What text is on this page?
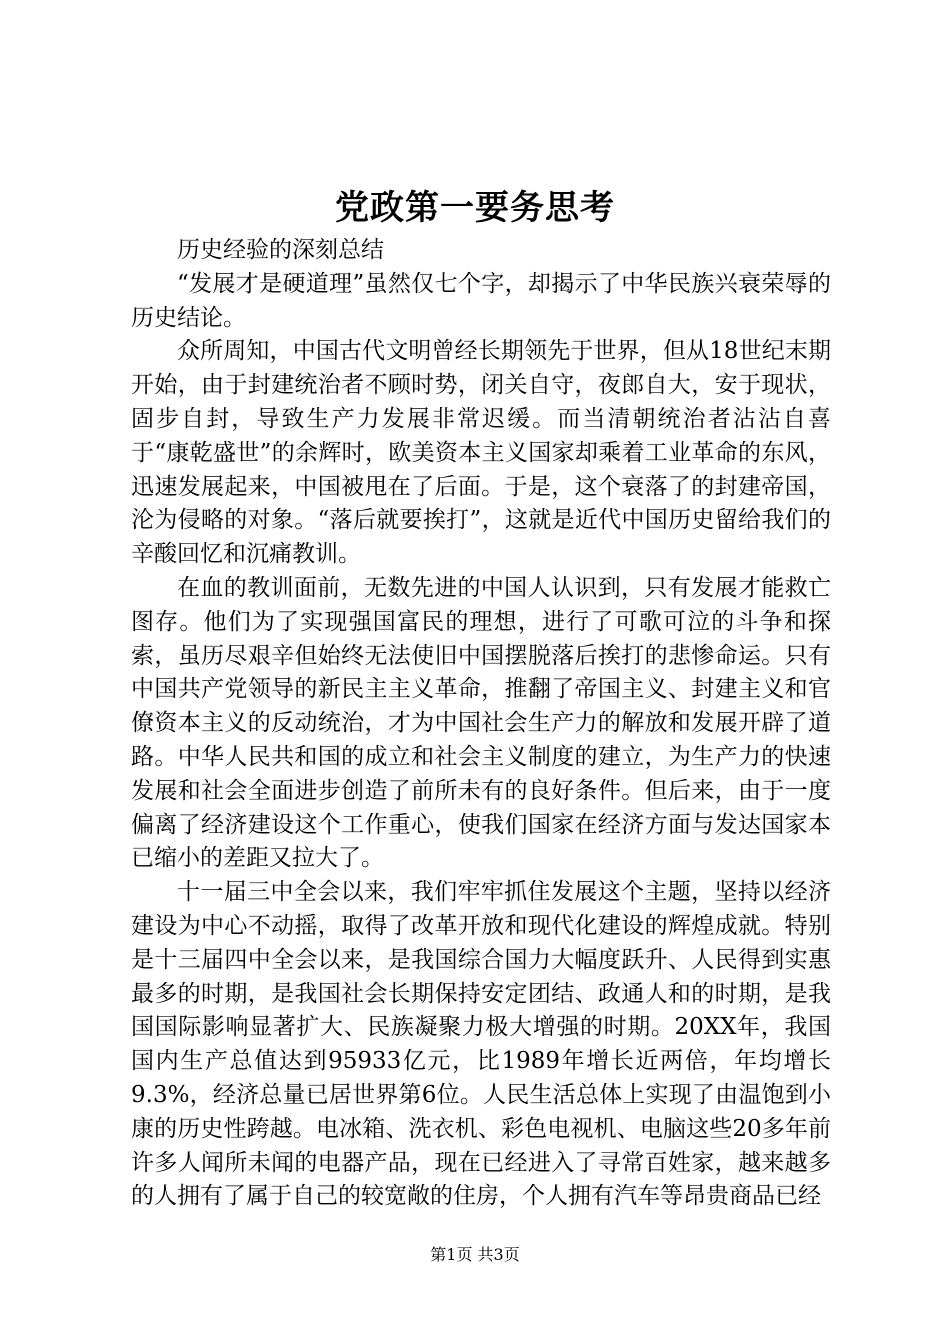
党政第一要务思考

历史经验的深刻总结

“发展才是硬道理”虽然仅七个字，却揭示了中华民族兴衰荣辱的历史结论。

众所周知，中国古代文明曾经长期领先于世界，但从18世纪末期开始，由于封建统治者不顾时势，闭关自守，夜郎自大，安于现状，固步自封，导致生产力发展非常迟缓。而当清朝统治者沾沾自喜于“康乾盛世”的余辉时，欧美资本主义国家却乘着工业革命的东风，迅速发展起来，中国被甩在了后面。于是，这个衰落了的封建帝国，沦为侵略的对象。“落后就要挨打”，这就是近代中国历史留给我们的辛酸回忆和沉痛教训。

在血的教训面前，无数先进的中国人认识到，只有发展才能救亡图存。他们为了实现强国富民的理想，进行了可歌可泣的斗争和探索，虽历尽艰辛但始终无法使旧中国摆脱落后挨打的悲惨命运。只有中国共产党领导的新民主主义革命，推翻了帝国主义、封建主义和官僚资本主义的反动统治，才为中国社会生产力的解放和发展开辟了道路。中华人民共和国的成立和社会主义制度的建立，为生产力的快速发展和社会全面进步创造了前所未有的良好条件。但后来，由于一度偏离了经济建设这个工作重心，使我们国家在经济方面与发达国家本已缩小的差距又拉大了。

十一届三中全会以来，我们牢牢抓住发展这个主题，坚持以经济建设为中心不动摇，取得了改革开放和现代化建设的辉煌成就。特别是十三届四中全会以来，是我国综合国力大幅度跃升、人民得到实惠最多的时期，是我国社会长期保持安定团结、政通人和的时期，是我国国际影响显著扩大、民族凝聚力极大增强的时期。20XX年，我国国内生产总值达到95933亿元，比1989年增长近两倍，年均增长9.3%，经济总量已居世界第6位。人民生活总体上实现了由温饱到小康的历史性跨越。电冰箱、洗衣机、彩色电视机、电脑这些20多年前许多人闻所未闻的电器产品，现在已经进入了寻常百姓家，越来越多的人拥有了属于自己的较宽敞的住房，个人拥有汽车等昂贵商品已经

第1页 共3页
